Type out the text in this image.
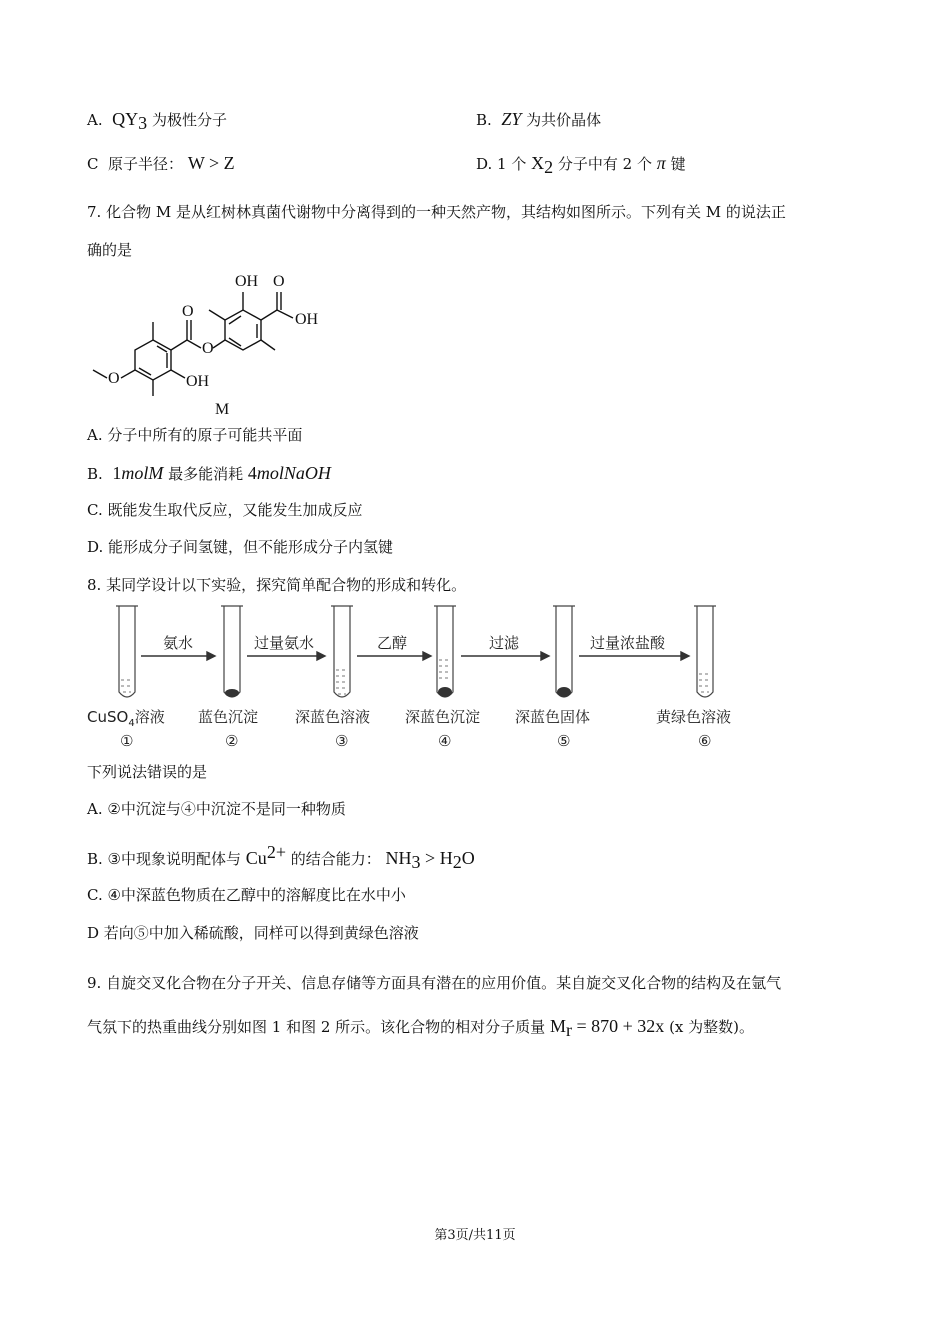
A. $QY_3$ 为极性分子	B. ZY 为共价晶体
C 原子半径： W > Z	D. 1 个 $X_2$ 分子中有 2 个 π 键
7. 化合物 M 是从红树林真菌代谢物中分离得到的一种天然产物，其结构如图所示。下列有关 M 的说法正
确的是
OH O
OH
O
O
O	OH
M
A. 分子中所有的原子可能共平面
B. 1molM 最多能消耗 4molNaOH
C. 既能发生取代反应，又能发生加成反应
D. 能形成分子间氢键，但不能形成分子内氢键
8. 某同学设计以下实验，探究简单配合物的形成和转化。
氨水	过量氨水	乙醇	过滤	过量浓盐酸
CuSO$_4$溶液 蓝色沉淀 深蓝色溶液 深蓝色沉淀 深蓝色固体	黄绿色溶液
①	②	③	④	⑤	⑥
下列说法错误的是
A. ②中沉淀与④中沉淀不是同一种物质
B. ③中现象说明配体与 $Cu^{2+}$ 的结合能力： $NH_3 > H_2O$
C. ④中深蓝色物质在乙醇中的溶解度比在水中小
D 若向⑤中加入稀硫酸，同样可以得到黄绿色溶液
9. 自旋交叉化合物在分子开关、信息存储等方面具有潜在的应用价值。某自旋交叉化合物的结构及在氩气
气氛下的热重曲线分别如图 1 和图 2 所示。该化合物的相对分子质量 $M_r = 870 + 32x$ (x 为整数)。
第3页/共11页
